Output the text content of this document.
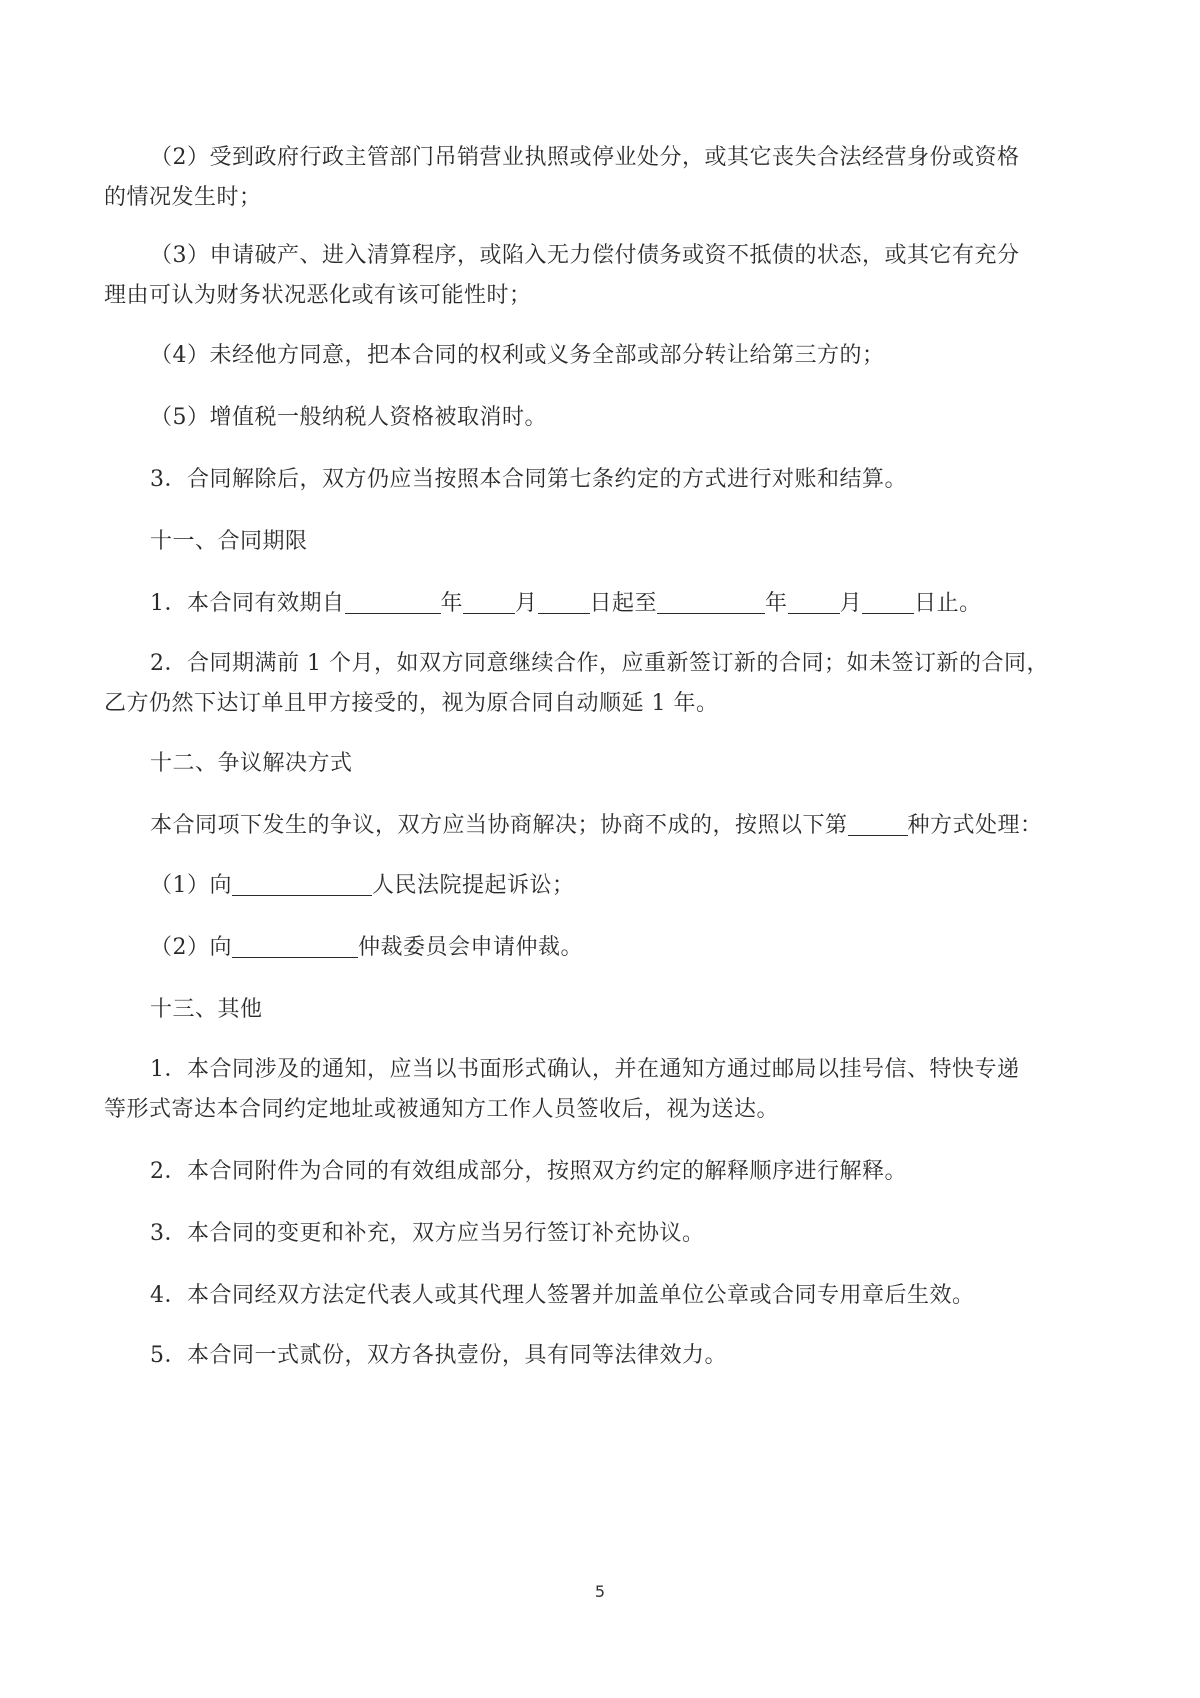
（2）受到政府行政主管部门吊销营业执照或停业处分，或其它丧失合法经营身份或资格

的情况发生时；

（3）申请破产、进入清算程序，或陷入无力偿付债务或资不抵债的状态，或其它有充分

理由可认为财务状况恶化或有该可能性时；

（4）未经他方同意，把本合同的权利或义务全部或部分转让给第三方的；

（5）增值税一般纳税人资格被取消时。

3．合同解除后，双方仍应当按照本合同第七条约定的方式进行对账和结算。

十一、合同期限

1．本合同有效期自	年 月 日起至	年 月 日止。

2．合同期满前 1 个月，如双方同意继续合作，应重新签订新的合同；如未签订新的合同，

乙方仍然下达订单且甲方接受的，视为原合同自动顺延 1 年。

十二、争议解决方式

本合同项下发生的争议，双方应当协商解决；协商不成的，按照以下第	种方式处理：

（1）向	人民法院提起诉讼；

（2）向	仲裁委员会申请仲裁。

十三、其他

1．本合同涉及的通知，应当以书面形式确认，并在通知方通过邮局以挂号信、特快专递

等形式寄达本合同约定地址或被通知方工作人员签收后，视为送达。

2．本合同附件为合同的有效组成部分，按照双方约定的解释顺序进行解释。

3．本合同的变更和补充，双方应当另行签订补充协议。

4．本合同经双方法定代表人或其代理人签署并加盖单位公章或合同专用章后生效。

5．本合同一式贰份，双方各执壹份，具有同等法律效力。

5
